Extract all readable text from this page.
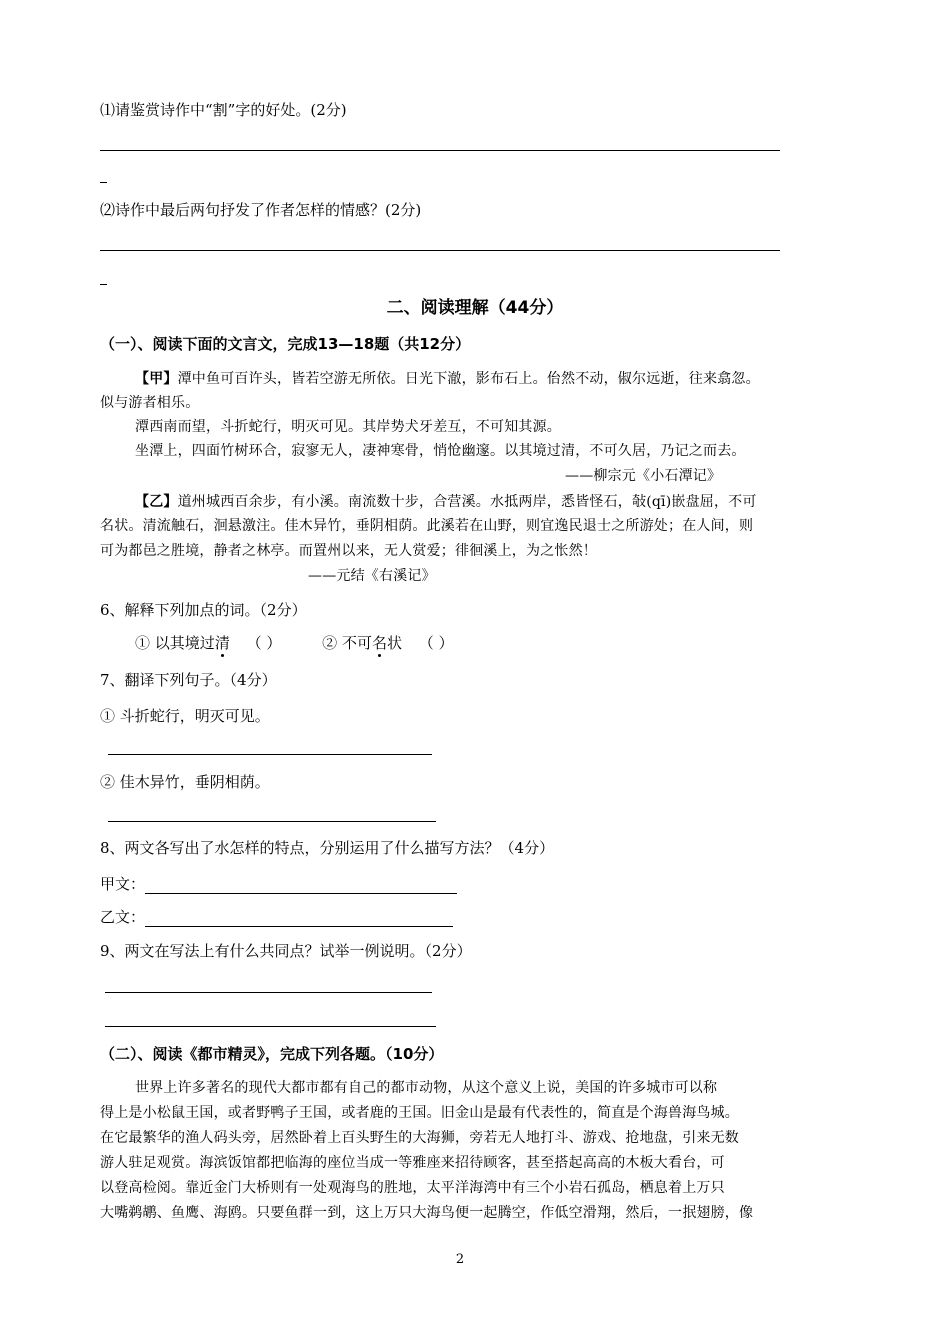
⑴请鉴赏诗作中“割”字的好处。(2分)
⑵诗作中最后两句抒发了作者怎样的情感？(2分)
二、阅读理解（44分）
（一）、阅读下面的文言文，完成13—18题（共12分）
【甲】潭中鱼可百许头，皆若空游无所依。日光下澈，影布石上。佁然不动，俶尔远逝，往来翕忽。
似与游者相乐。
潭西南而望，斗折蛇行，明灭可见。其岸势犬牙差互，不可知其源。
坐潭上，四面竹树环合，寂寥无人，凄神寒骨，悄怆幽邃。以其境过清，不可久居，乃记之而去。
——柳宗元《小石潭记》
【乙】道州城西百余步，有小溪。南流数十步，合营溪。水抵两岸，悉皆怪石，敧(qī)嵌盘屈，不可
名状。清流触石，洄悬激注。佳木异竹，垂阴相荫。此溪若在山野，则宜逸民退士之所游处；在人间，则
可为都邑之胜境，静者之林亭。而置州以来，无人赏爱；徘徊溪上，为之怅然！
——元结《右溪记》
6、解释下列加点的词。（2分）
① 以其境过清 （ ）	② 不可名状 （ ）
7、翻译下列句子。（4分）
① 斗折蛇行，明灭可见。
② 佳木异竹，垂阴相荫。
8、两文各写出了水怎样的特点，分别运用了什么描写方法？（4分）
甲文：
乙文：
9、两文在写法上有什么共同点？试举一例说明。（2分）
（二）、阅读《都市精灵》，完成下列各题。（10分）
世界上许多著名的现代大都市都有自己的都市动物，从这个意义上说，美国的许多城市可以称
得上是小松鼠王国，或者野鸭子王国，或者鹿的王国。旧金山是最有代表性的，简直是个海兽海鸟城。
在它最繁华的渔人码头旁，居然卧着上百头野生的大海狮，旁若无人地打斗、游戏、抢地盘，引来无数
游人驻足观赏。海滨饭馆都把临海的座位当成一等雅座来招待顾客，甚至搭起高高的木板大看台，可
以登高检阅。靠近金门大桥则有一处观海鸟的胜地，太平洋海湾中有三个小岩石孤岛，栖息着上万只
大嘴鹈鹕、鱼鹰、海鸥。只要鱼群一到，这上万只大海鸟便一起腾空，作低空滑翔，然后，一抿翅膀，像
2
